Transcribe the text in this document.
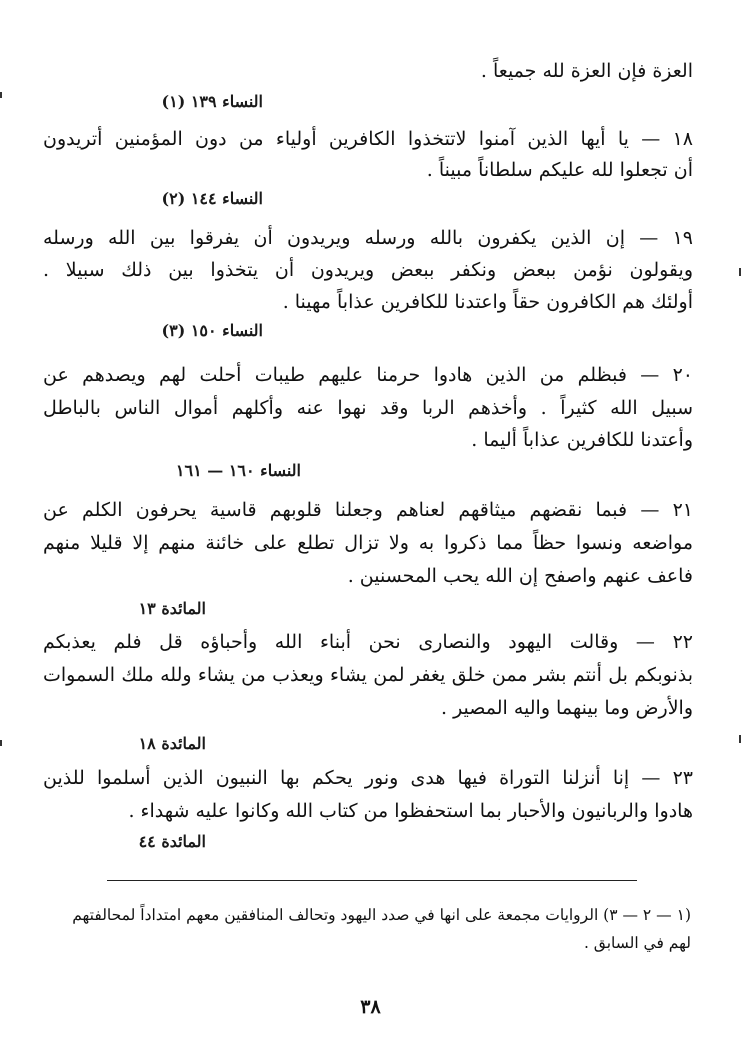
العزة فإن العزة لله جميعاً .
النساء ١٣٩ (١)
١٨ — يا أيها الذين آمنوا لاتتخذوا الكافرين أولياء من دون المؤمنين أتريدون
أن تجعلوا لله عليكم سلطاناً مبيناً .
النساء ١٤٤ (٢)
١٩ — إن الذين يكفرون بالله ورسله ويريدون أن يفرقوا بين الله ورسله
ويقولون نؤمن ببعض ونكفر ببعض ويريدون أن يتخذوا بين ذلك سبيلا .
أولئك هم الكافرون حقاً واعتدنا للكافرين عذاباً مهينا .
النساء ١٥٠ (٣)
٢٠ — فبظلم من الذين هادوا حرمنا عليهم طيبات أحلت لهم ويصدهم عن
سبيل الله كثيراً . وأخذهم الربا وقد نهوا عنه وأكلهم أموال الناس بالباطل
وأعتدنا للكافرين عذاباً أليما .
النساء ١٦٠ — ١٦١
٢١ — فبما نقضهم ميثاقهم لعناهم وجعلنا قلوبهم قاسية يحرفون الكلم عن
مواضعه ونسوا حظاً مما ذكروا به ولا تزال تطلع على خائنة منهم إلا قليلا منهم
فاعف عنهم واصفح إن الله يحب المحسنين .
المائدة ١٣
٢٢ — وقالت اليهود والنصارى نحن أبناء الله وأحباؤه قل فلم يعذبكم
بذنوبكم بل أنتم بشر ممن خلق يغفر لمن يشاء ويعذب من يشاء ولله ملك السموات
والأرض وما بينهما واليه المصير .
المائدة ١٨
٢٣ — إنا أنزلنا التوراة فيها هدى ونور يحكم بها النبيون الذين أسلموا للذين
هادوا والربانيون والأحبار بما استحفظوا من كتاب الله وكانوا عليه شهداء .
المائدة ٤٤
(١ — ٢ — ٣) الروايات مجمعة على انها في صدد اليهود وتحالف المنافقين معهم امتداداً لمحالفتهم
لهم في السابق .
٣٨
